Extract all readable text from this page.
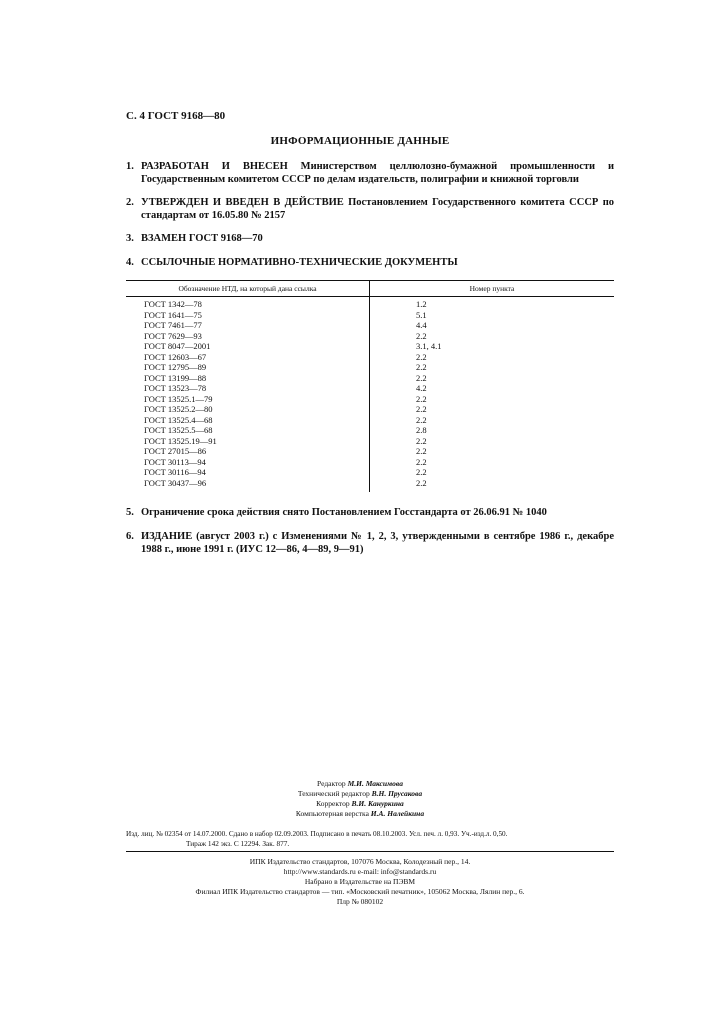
С. 4 ГОСТ 9168—80
ИНФОРМАЦИОННЫЕ ДАННЫЕ
1. РАЗРАБОТАН И ВНЕСЕН Министерством целлюлозно-бумажной промышленности и Государственным комитетом СССР по делам издательств, полиграфии и книжной торговли
2. УТВЕРЖДЕН И ВВЕДЕН В ДЕЙСТВИЕ Постановлением Государственного комитета СССР по стандартам от 16.05.80 № 2157
3. ВЗАМЕН ГОСТ 9168—70
4. ССЫЛОЧНЫЕ НОРМАТИВНО-ТЕХНИЧЕСКИЕ ДОКУМЕНТЫ
Обозначение НТД, на который дана ссылка	Номер пункта
ГОСТ 1342—78	1.2
ГОСТ 1641—75	5.1
ГОСТ 7461—77	4.4
ГОСТ 7629—93	2.2
ГОСТ 8047—2001	3.1, 4.1
ГОСТ 12603—67	2.2
ГОСТ 12795—89	2.2
ГОСТ 13199—88	2.2
ГОСТ 13523—78	4.2
ГОСТ 13525.1—79	2.2
ГОСТ 13525.2—80	2.2
ГОСТ 13525.4—68	2.2
ГОСТ 13525.5—68	2.8
ГОСТ 13525.19—91	2.2
ГОСТ 27015—86	2.2
ГОСТ 30113—94	2.2
ГОСТ 30116—94	2.2
ГОСТ 30437—96	2.2
5. Ограничение срока действия снято Постановлением Госстандарта от 26.06.91 № 1040
6. ИЗДАНИЕ (август 2003 г.) с Изменениями № 1, 2, 3, утвержденными в сентябре 1986 г., декабре 1988 г., июне 1991 г. (ИУС 12—86, 4—89, 9—91)
Редактор М.И. Максимова
Технический редактор В.Н. Прусакова
Корректор В.И. Кануркина
Компьютерная верстка И.А. Налейкина
Изд. лиц. № 02354 от 14.07.2000. Сдано в набор 02.09.2003. Подписано в печать 08.10.2003. Усл. печ. л. 0,93. Уч.-изд.л. 0,50.
Тираж 142 экз. С 12294. Зак. 877.
ИПК Издательство стандартов, 107076 Москва, Колодезный пер., 14.
http://www.standards.ru e-mail: info@standards.ru
Набрано в Издательстве на ПЭВМ
Филиал ИПК Издательство стандартов — тип. «Московский печатник», 105062 Москва, Лялин пер., 6.
Плр № 080102
